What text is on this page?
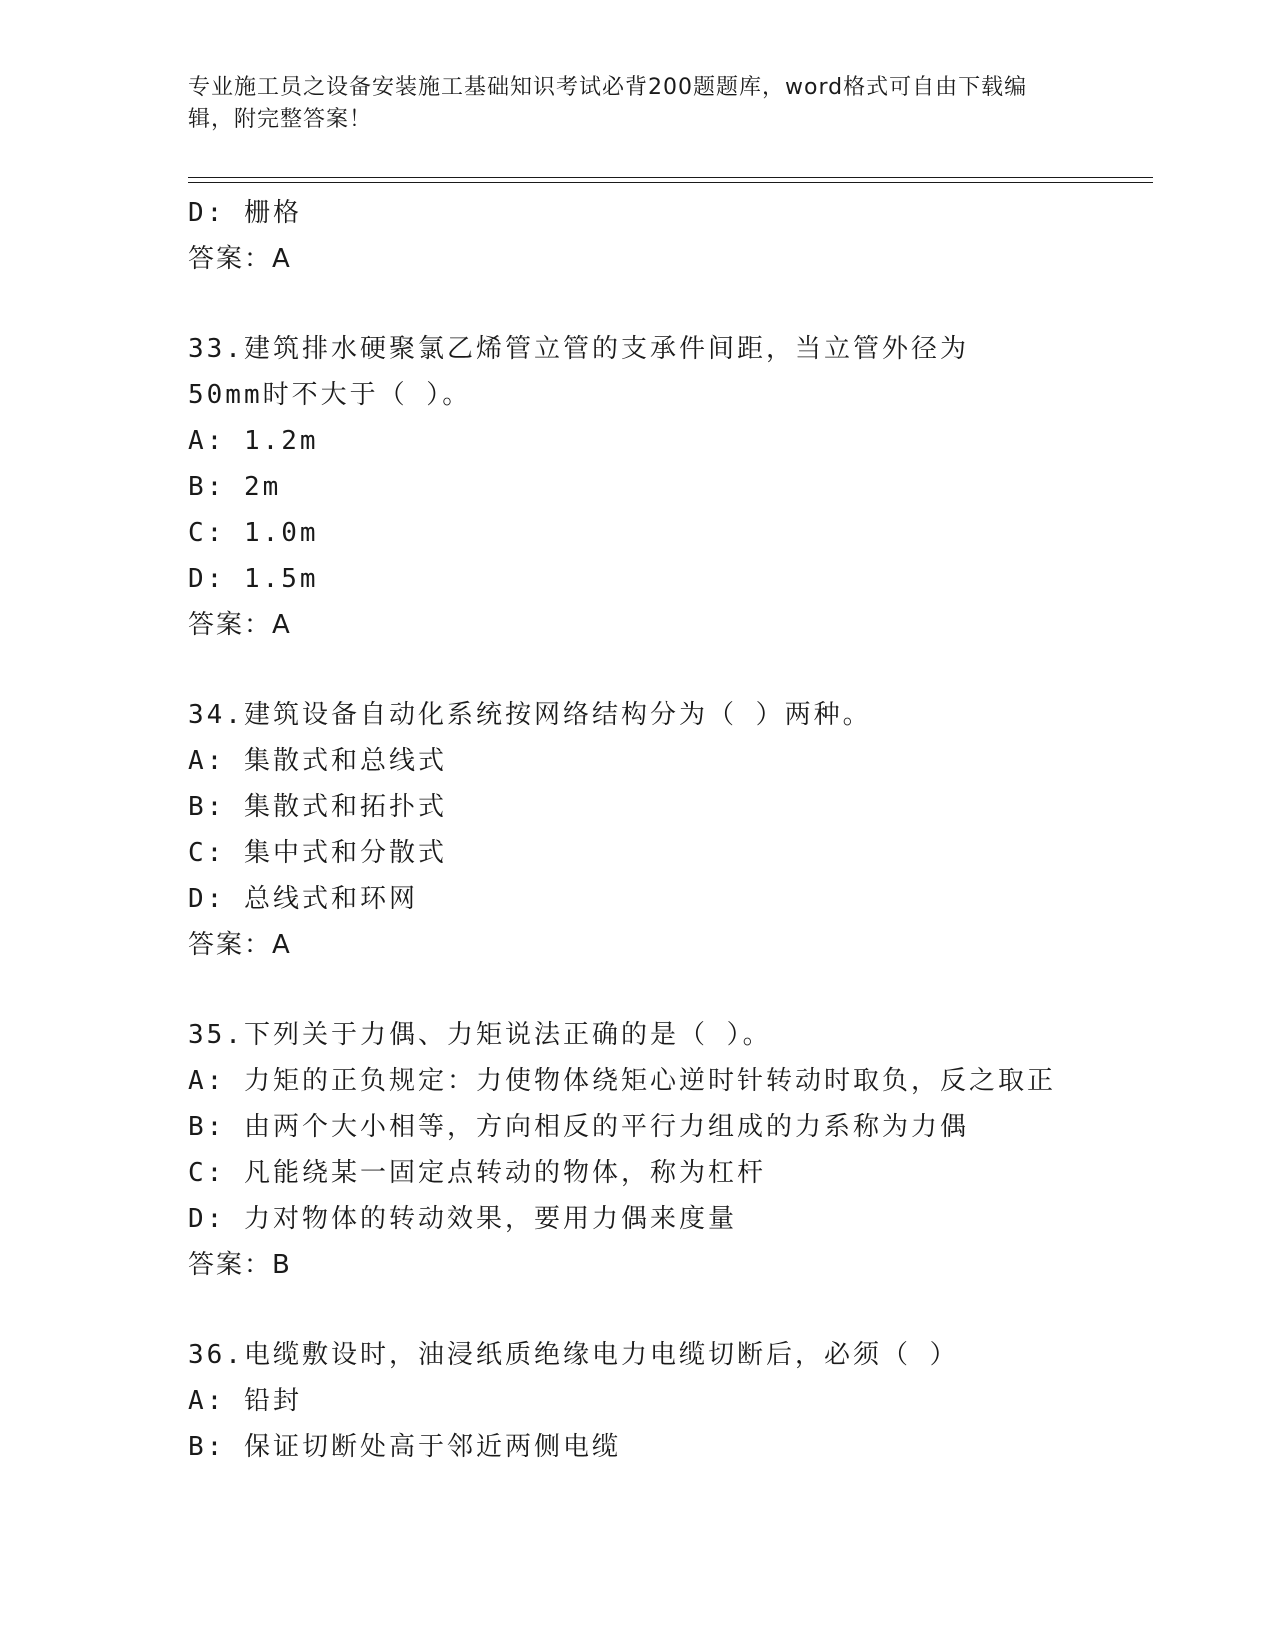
专业施工员之设备安装施工基础知识考试必背200题题库，word格式可自由下载编辑，附完整答案！
D: 栅格
答案：A
33.建筑排水硬聚氯乙烯管立管的支承件间距，当立管外径为50mm时不大于（ ）。
A: 1.2m
B: 2m
C: 1.0m
D: 1.5m
答案：A
34.建筑设备自动化系统按网络结构分为（ ）两种。
A: 集散式和总线式
B: 集散式和拓扑式
C: 集中式和分散式
D: 总线式和环网
答案：A
35.下列关于力偶、力矩说法正确的是（ ）。
A: 力矩的正负规定：力使物体绕矩心逆时针转动时取负，反之取正
B: 由两个大小相等，方向相反的平行力组成的力系称为力偶
C: 凡能绕某一固定点转动的物体，称为杠杆
D: 力对物体的转动效果，要用力偶来度量
答案：B
36.电缆敷设时，油浸纸质绝缘电力电缆切断后，必须（ ）
A: 铅封
B: 保证切断处高于邻近两侧电缆
